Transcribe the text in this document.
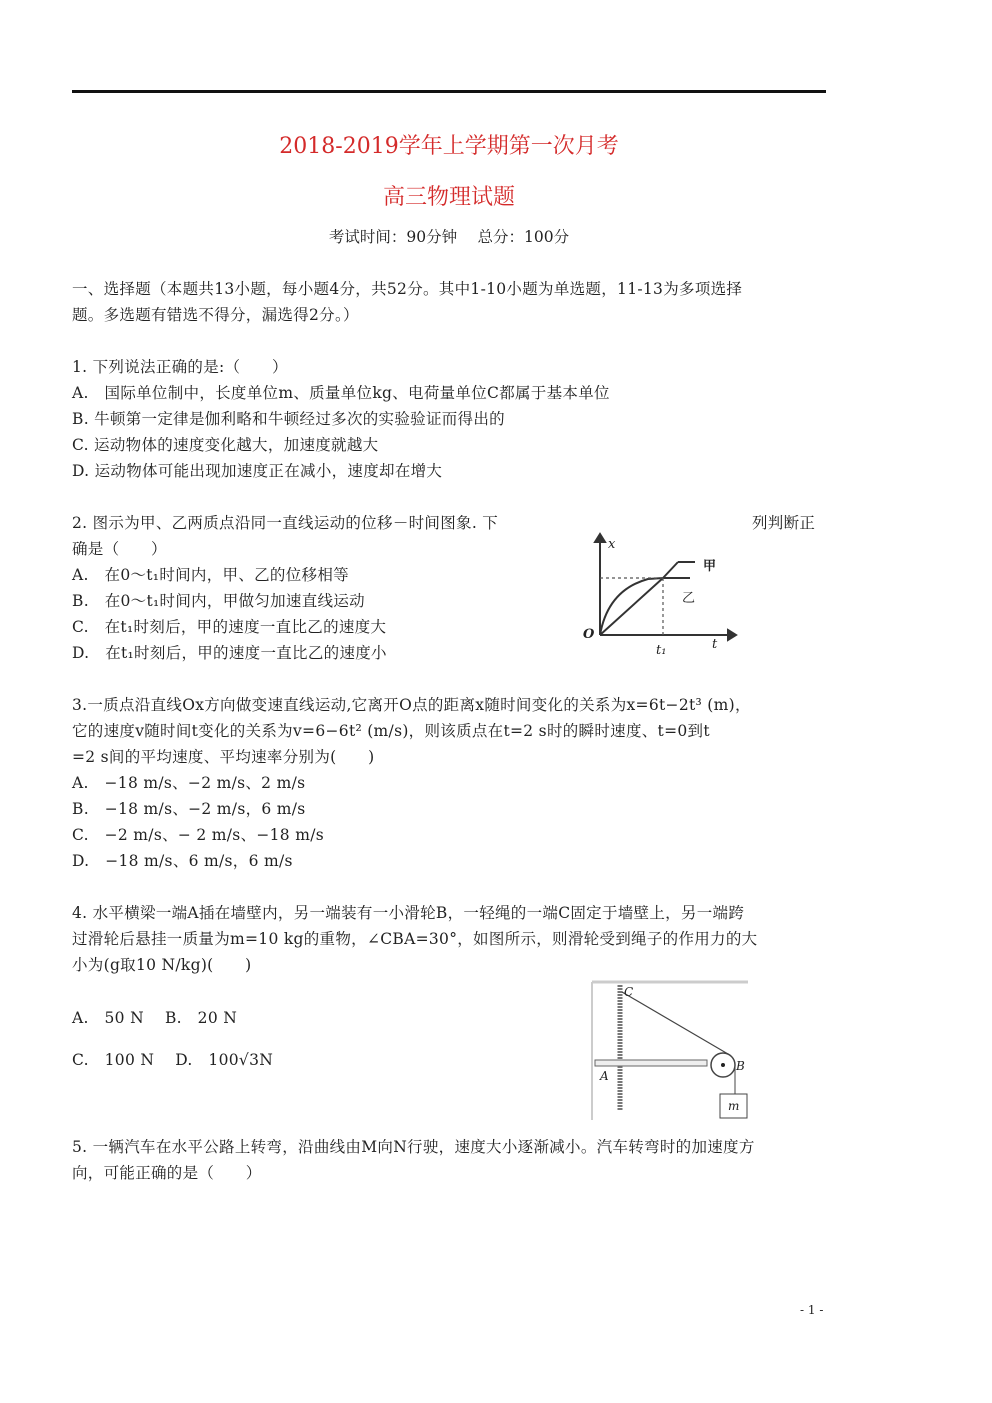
2018-2019学年上学期第一次月考
高三物理试题
考试时间：90分钟　 总分：100分
一、选择题（本题共13小题，每小题4分，共52分。其中1-10小题为单选题，11-13为多项选择
题。多选题有错选不得分，漏选得2分。）
1. 下列说法正确的是:（　　）
A.　国际单位制中，长度单位m、质量单位kg、电荷量单位C都属于基本单位
B. 牛顿第一定律是伽利略和牛顿经过多次的实验验证而得出的
C. 运动物体的速度变化越大，加速度就越大
D. 运动物体可能出现加速度正在减小，速度却在增大
2. 图示为甲、乙两质点沿同一直线运动的位移－时间图象. 下	列判断正
确是（　　）
A.　在0～t₁时间内，甲、乙的位移相等
B.　在0～t₁时间内，甲做匀加速直线运动
C.　在t₁时刻后，甲的速度一直比乙的速度大
D.　在t₁时刻后，甲的速度一直比乙的速度小
x
t
O
t₁
甲
乙
3.一质点沿直线Ox方向做变速直线运动,它离开O点的距离x随时间变化的关系为x=6t−2t³ (m)，
它的速度v随时间t变化的关系为v=6−6t² (m/s)，则该质点在t=2 s时的瞬时速度、t=0到t
=2 s间的平均速度、平均速率分别为(　　)
A.　−18 m/s、−2 m/s、2 m/s
B.　−18 m/s、−2 m/s，6 m/s
C.　−2 m/s、− 2 m/s、−18 m/s
D.　−18 m/s、6 m/s，6 m/s
4. 水平横梁一端A插在墙壁内，另一端装有一小滑轮B，一轻绳的一端C固定于墙壁上，另一端跨
过滑轮后悬挂一质量为m=10 kg的重物，∠CBA=30°，如图所示，则滑轮受到绳子的作用力的大
小为(g取10 N/kg)(　　)
A.　50 N　 B.　20 N
C.　100 N　 D.　100√3N
C
A
B
m
5. 一辆汽车在水平公路上转弯，沿曲线由M向N行驶，速度大小逐渐减小。汽车转弯时的加速度方
向，可能正确的是（　　）
- 1 -
